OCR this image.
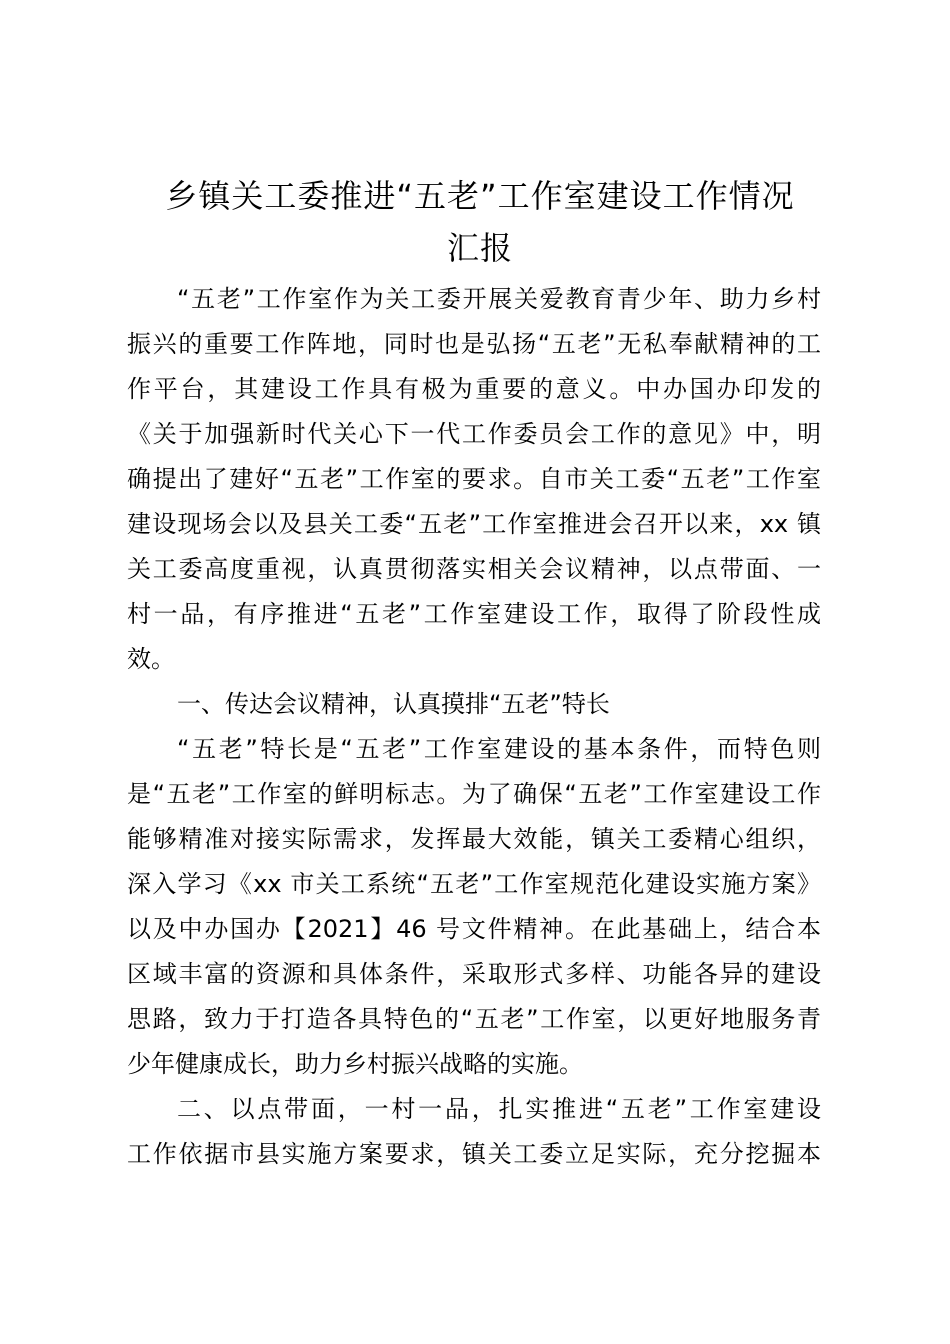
乡镇关工委推进“五老”工作室建设工作情况
汇报
“五老”工作室作为关工委开展关爱教育青少年、助力乡村
振兴的重要工作阵地，同时也是弘扬“五老”无私奉献精神的工
作平台，其建设工作具有极为重要的意义。中办国办印发的
《关于加强新时代关心下一代工作委员会工作的意见》中，明
确提出了建好“五老”工作室的要求。自市关工委“五老”工作室
建设现场会以及县关工委“五老”工作室推进会召开以来，xx 镇
关工委高度重视，认真贯彻落实相关会议精神，以点带面、一
村一品，有序推进“五老”工作室建设工作，取得了阶段性成
效。
一、传达会议精神，认真摸排“五老”特长
“五老”特长是“五老”工作室建设的基本条件，而特色则
是“五老”工作室的鲜明标志。为了确保“五老”工作室建设工作
能够精准对接实际需求，发挥最大效能，镇关工委精心组织，
深入学习《xx 市关工系统“五老”工作室规范化建设实施方案》
以及中办国办【2021】46 号文件精神。在此基础上，结合本
区域丰富的资源和具体条件，采取形式多样、功能各异的建设
思路，致力于打造各具特色的“五老”工作室，以更好地服务青
少年健康成长，助力乡村振兴战略的实施。
二、以点带面，一村一品，扎实推进“五老”工作室建设
工作依据市县实施方案要求，镇关工委立足实际，充分挖掘本
